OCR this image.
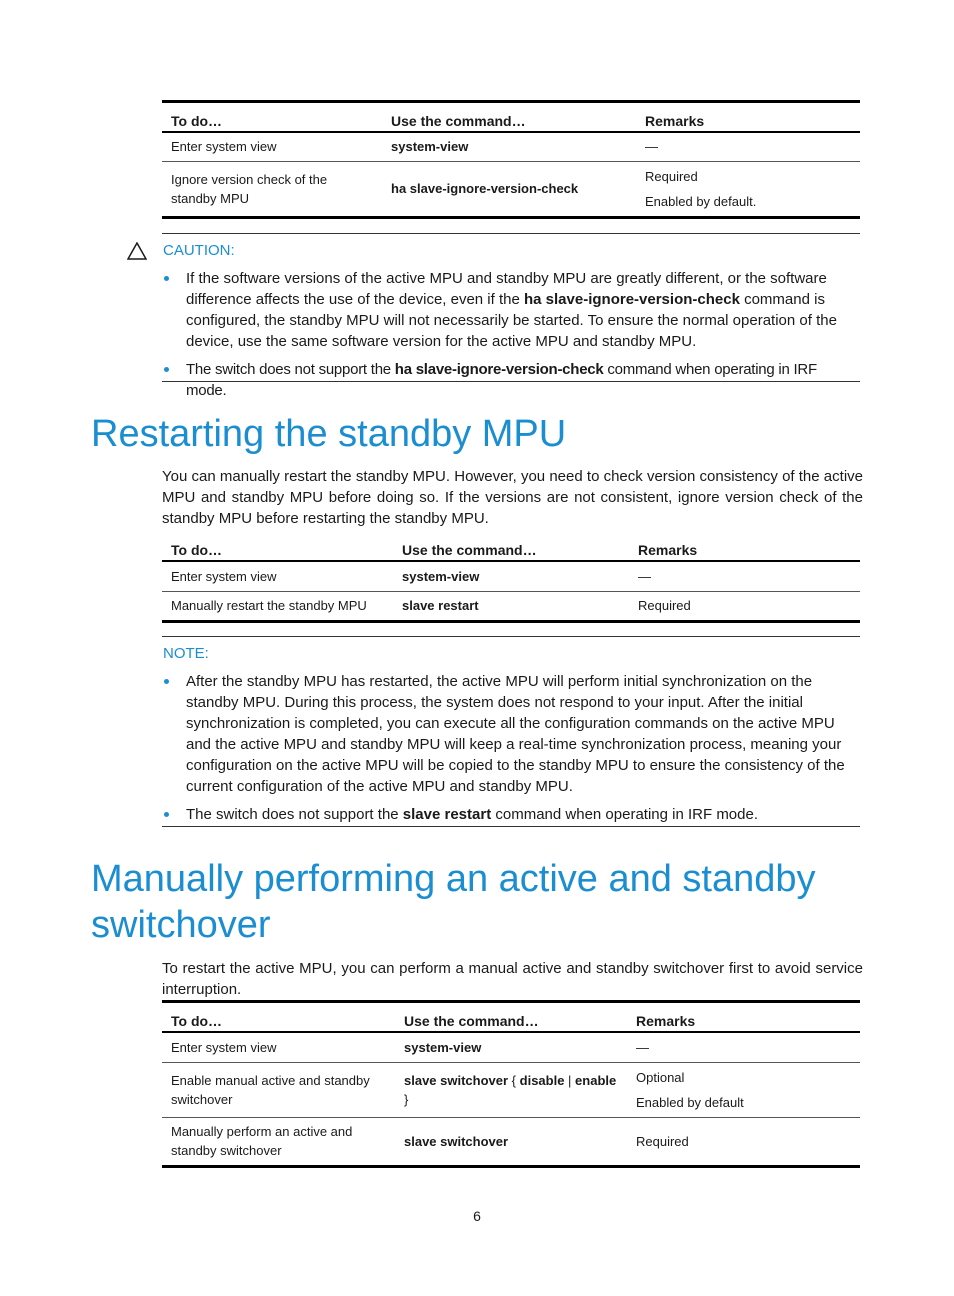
To do…	Use the command…	Remarks
Enter system view	system-view	—
Ignore version check of the standby MPU	ha slave-ignore-version-check	Required
Enabled by default.
CAUTION:
If the software versions of the active MPU and standby MPU are greatly different, or the software difference affects the use of the device, even if the ha slave-ignore-version-check command is configured, the standby MPU will not necessarily be started. To ensure the normal operation of the device, use the same software version for the active MPU and standby MPU.
The switch does not support the ha slave-ignore-version-check command when operating in IRF mode.
Restarting the standby MPU

You can manually restart the standby MPU. However, you need to check version consistency of the active MPU and standby MPU before doing so. If the versions are not consistent, ignore version check of the standby MPU before restarting the standby MPU.

To do…	Use the command…	Remarks
Enter system view	system-view	—
Manually restart the standby MPU	slave restart	Required
NOTE:
After the standby MPU has restarted, the active MPU will perform initial synchronization on the standby MPU. During this process, the system does not respond to your input. After the initial synchronization is completed, you can execute all the configuration commands on the active MPU and the active MPU and standby MPU will keep a real-time synchronization process, meaning your configuration on the active MPU will be copied to the standby MPU to ensure the consistency of the current configuration of the active MPU and standby MPU.
The switch does not support the slave restart command when operating in IRF mode.
Manually performing an active and standby
switchover

To restart the active MPU, you can perform a manual active and standby switchover first to avoid service interruption.

To do…	Use the command…	Remarks
Enter system view	system-view	—
Enable manual active and standby switchover	slave switchover { disable | enable }	Optional
Enabled by default

Manually perform an active and standby switchover	slave switchover	Required
6
